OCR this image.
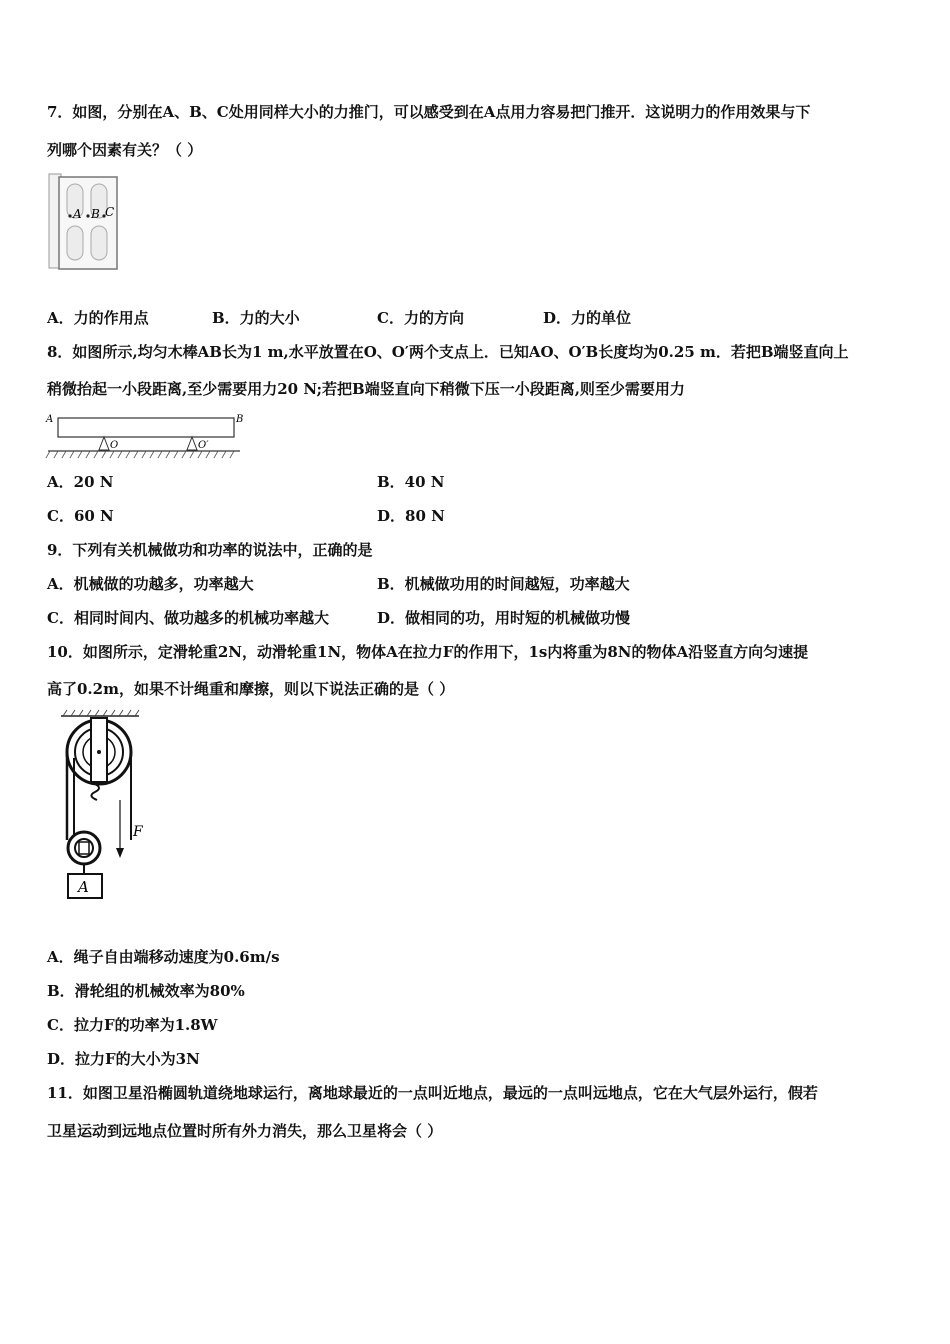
7．如图，分别在A、B、C处用同样大小的力推门，可以感受到在A点用力容易把门推开．这说明力的作用效果与下
列哪个因素有关？（ ）
A B C
A．力的作用点	B．力的大小	C．力的方向	D．力的单位
8．如图所示,均匀木棒AB长为1 m,水平放置在O、O′两个支点上．已知AO、O′B长度均为0.25 m．若把B端竖直向上
稍微抬起一小段距离,至少需要用力20 N;若把B端竖直向下稍微下压一小段距离,则至少需要用力
A	B
O	O′
A．20 N	B．40 N
C．60 N	D．80 N
9．下列有关机械做功和功率的说法中，正确的是
A．机械做的功越多，功率越大	B．机械做功用的时间越短，功率越大
C．相同时间内、做功越多的机械功率越大	D．做相同的功，用时短的机械做功慢
10．如图所示，定滑轮重2N，动滑轮重1N，物体A在拉力F的作用下，1s内将重为8N的物体A沿竖直方向匀速提
高了0.2m，如果不计绳重和摩擦，则以下说法正确的是（ ）
F
A
A．绳子自由端移动速度为0.6m/s
B．滑轮组的机械效率为80%
C．拉力F的功率为1.8W
D．拉力F的大小为3N
11．如图卫星沿椭圆轨道绕地球运行，离地球最近的一点叫近地点，最远的一点叫远地点，它在大气层外运行，假若
卫星运动到远地点位置时所有外力消失，那么卫星将会（ ）
